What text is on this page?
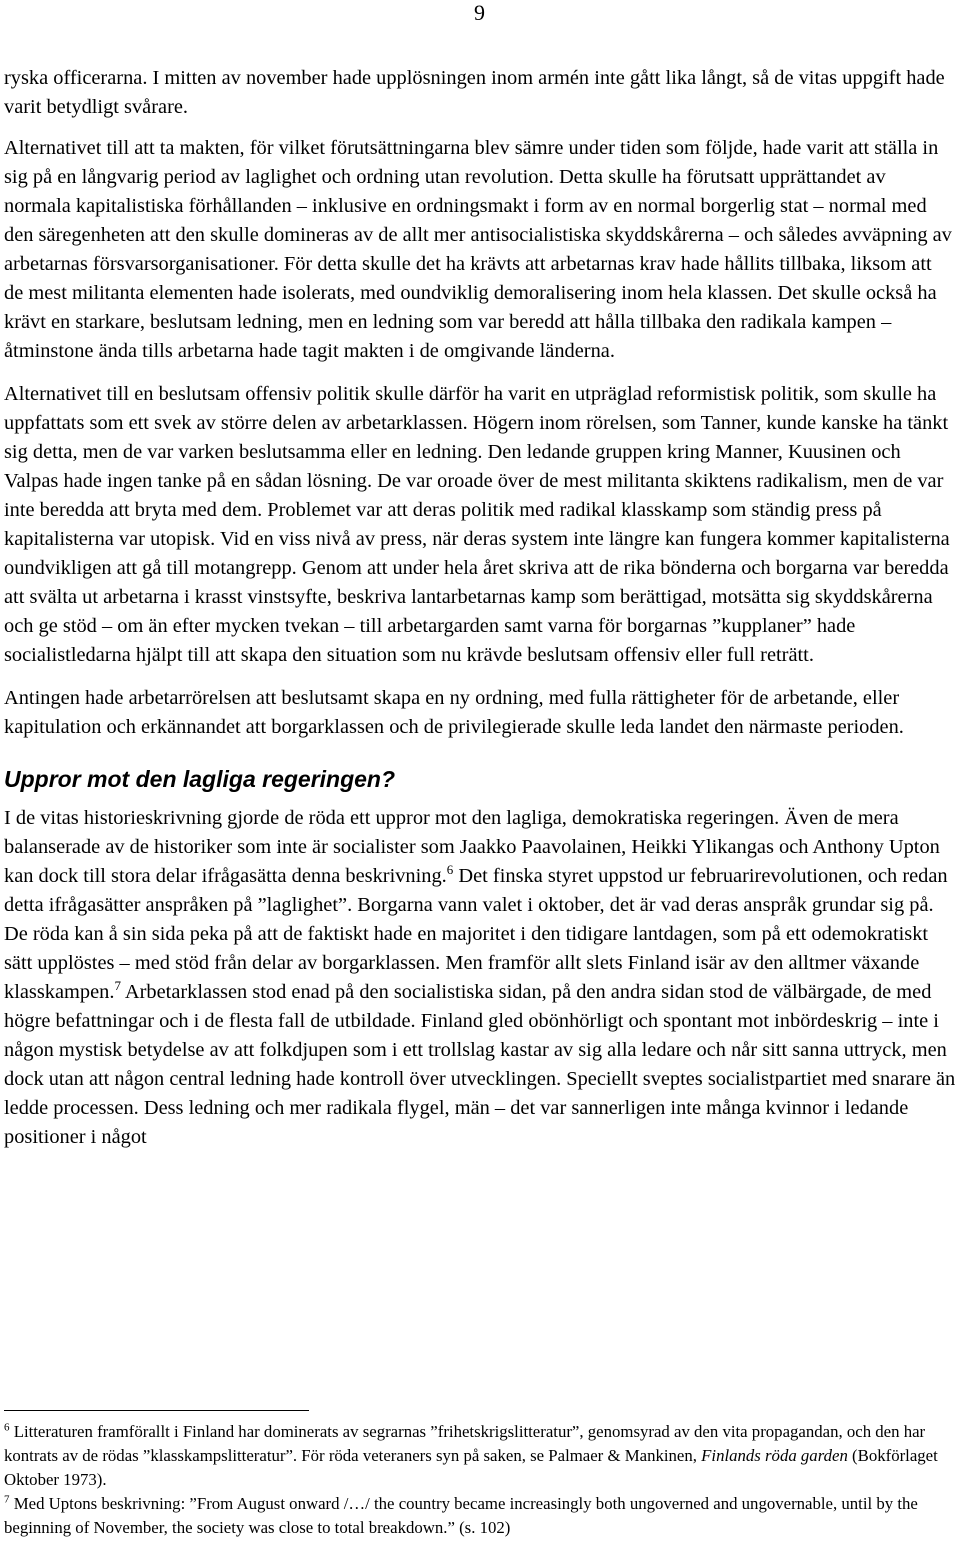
9

ryska officerarna. I mitten av november hade upplösningen inom armén inte gått lika långt, så de vitas uppgift hade varit betydligt svårare.

Alternativet till att ta makten, för vilket förutsättningarna blev sämre under tiden som följde, hade varit att ställa in sig på en långvarig period av laglighet och ordning utan revolution. Detta skulle ha förutsatt upprättandet av normala kapitalistiska förhållanden – inklusive en ordningsmakt i form av en normal borgerlig stat – normal med den säregenheten att den skulle domineras av de allt mer antisocialistiska skyddskårerna – och således avväpning av arbetarnas försvarsorganisationer. För detta skulle det ha krävts att arbetarnas krav hade hållits tillbaka, liksom att de mest militanta elementen hade isolerats, med oundviklig demoralisering inom hela klassen. Det skulle också ha krävt en starkare, beslutsam ledning, men en ledning som var beredd att hålla tillbaka den radikala kampen – åtminstone ända tills arbetarna hade tagit makten i de omgivande länderna.

Alternativet till en beslutsam offensiv politik skulle därför ha varit en utpräglad reformistisk politik, som skulle ha uppfattats som ett svek av större delen av arbetarklassen. Högern inom rörelsen, som Tanner, kunde kanske ha tänkt sig detta, men de var varken beslutsamma eller en ledning. Den ledande gruppen kring Manner, Kuusinen och Valpas hade ingen tanke på en sådan lösning. De var oroade över de mest militanta skiktens radikalism, men de var inte beredda att bryta med dem. Problemet var att deras politik med radikal klasskamp som ständig press på kapitalisterna var utopisk. Vid en viss nivå av press, när deras system inte längre kan fungera kommer kapitalisterna oundvikligen att gå till motangrepp. Genom att under hela året skriva att de rika bönderna och borgarna var beredda att svälta ut arbetarna i krasst vinstsyfte, beskriva lantarbetarnas kamp som berättigad, motsätta sig skyddskårerna och ge stöd – om än efter mycken tvekan – till arbetargarden samt varna för borgarnas ”kupplaner” hade socialistledarna hjälpt till att skapa den situation som nu krävde beslutsam offensiv eller full reträtt.

Antingen hade arbetarrörelsen att beslutsamt skapa en ny ordning, med fulla rättigheter för de arbetande, eller kapitulation och erkännandet att borgarklassen och de privilegierade skulle leda landet den närmaste perioden.

Uppror mot den lagliga regeringen?

I de vitas historieskrivning gjorde de röda ett uppror mot den lagliga, demokratiska regeringen. Även de mera balanserade av de historiker som inte är socialister som Jaakko Paavolainen, Heikki Ylikangas och Anthony Upton kan dock till stora delar ifrågasätta denna beskrivning.$^6$ Det finska styret uppstod ur februarirevolutionen, och redan detta ifrågasätter anspråken på ”laglighet”. Borgarna vann valet i oktober, det är vad deras anspråk grundar sig på. De röda kan å sin sida peka på att de faktiskt hade en majoritet i den tidigare lantdagen, som på ett odemokratiskt sätt upplöstes – med stöd från delar av borgarklassen. Men framför allt slets Finland isär av den alltmer växande klasskampen.$^7$ Arbetarklassen stod enad på den socialistiska sidan, på den andra sidan stod de välbärgade, de med högre befattningar och i de flesta fall de utbildade. Finland gled obönhörligt och spontant mot inbördeskrig – inte i någon mystisk betydelse av att folkdjupen som i ett trollslag kastar av sig alla ledare och når sitt sanna uttryck, men dock utan att någon central ledning hade kontroll över utvecklingen. Speciellt sveptes socialistpartiet med snarare än ledde processen. Dess ledning och mer radikala flygel, män – det var sannerligen inte många kvinnor i ledande positioner i något

$^6$ Litteraturen framförallt i Finland har dominerats av segrarnas ”frihetskrigslitteratur”, genomsyrad av den vita propagandan, och den har kontrats av de rödas ”klasskampslitteratur”. För röda veteraners syn på saken, se Palmaer & Mankinen, Finlands röda garden (Bokförlaget Oktober 1973).

$^7$ Med Uptons beskrivning: ”From August onward /…/ the country became increasingly both ungoverned and ungovernable, until by the beginning of November, the society was close to total breakdown.” (s. 102)
